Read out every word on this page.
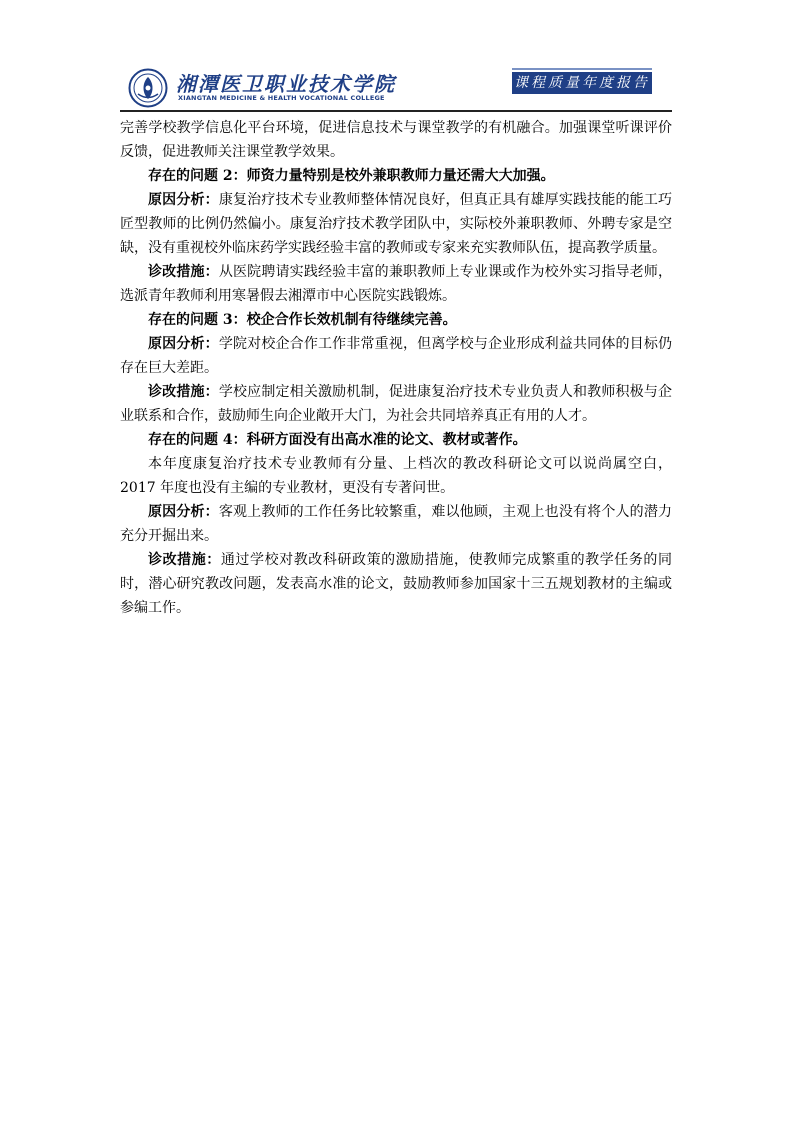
湘潭医卫职业技术学院
XIANGTAN MEDICINE & HEALTH VOCATIONAL COLLEGE
课程质量年度报告

完善学校教学信息化平台环境，促进信息技术与课堂教学的有机融合。加强课堂听课评价反馈，促进教师关注课堂教学效果。

存在的问题 2：师资力量特别是校外兼职教师力量还需大大加强。

原因分析：康复治疗技术专业教师整体情况良好，但真正具有雄厚实践技能的能工巧匠型教师的比例仍然偏小。康复治疗技术教学团队中，实际校外兼职教师、外聘专家是空缺，没有重视校外临床药学实践经验丰富的教师或专家来充实教师队伍，提高教学质量。

诊改措施：从医院聘请实践经验丰富的兼职教师上专业课或作为校外实习指导老师，选派青年教师利用寒暑假去湘潭市中心医院实践锻炼。

存在的问题 3：校企合作长效机制有待继续完善。

原因分析：学院对校企合作工作非常重视，但离学校与企业形成利益共同体的目标仍存在巨大差距。

诊改措施：学校应制定相关激励机制，促进康复治疗技术专业负责人和教师积极与企业联系和合作，鼓励师生向企业敞开大门，为社会共同培养真正有用的人才。

存在的问题 4：科研方面没有出高水准的论文、教材或著作。

本年度康复治疗技术专业教师有分量、上档次的教改科研论文可以说尚属空白，2017 年度也没有主编的专业教材，更没有专著问世。

原因分析：客观上教师的工作任务比较繁重，难以他顾，主观上也没有将个人的潜力充分开掘出来。

诊改措施：通过学校对教改科研政策的激励措施，使教师完成繁重的教学任务的同时，潜心研究教改问题，发表高水准的论文，鼓励教师参加国家十三五规划教材的主编或参编工作。
